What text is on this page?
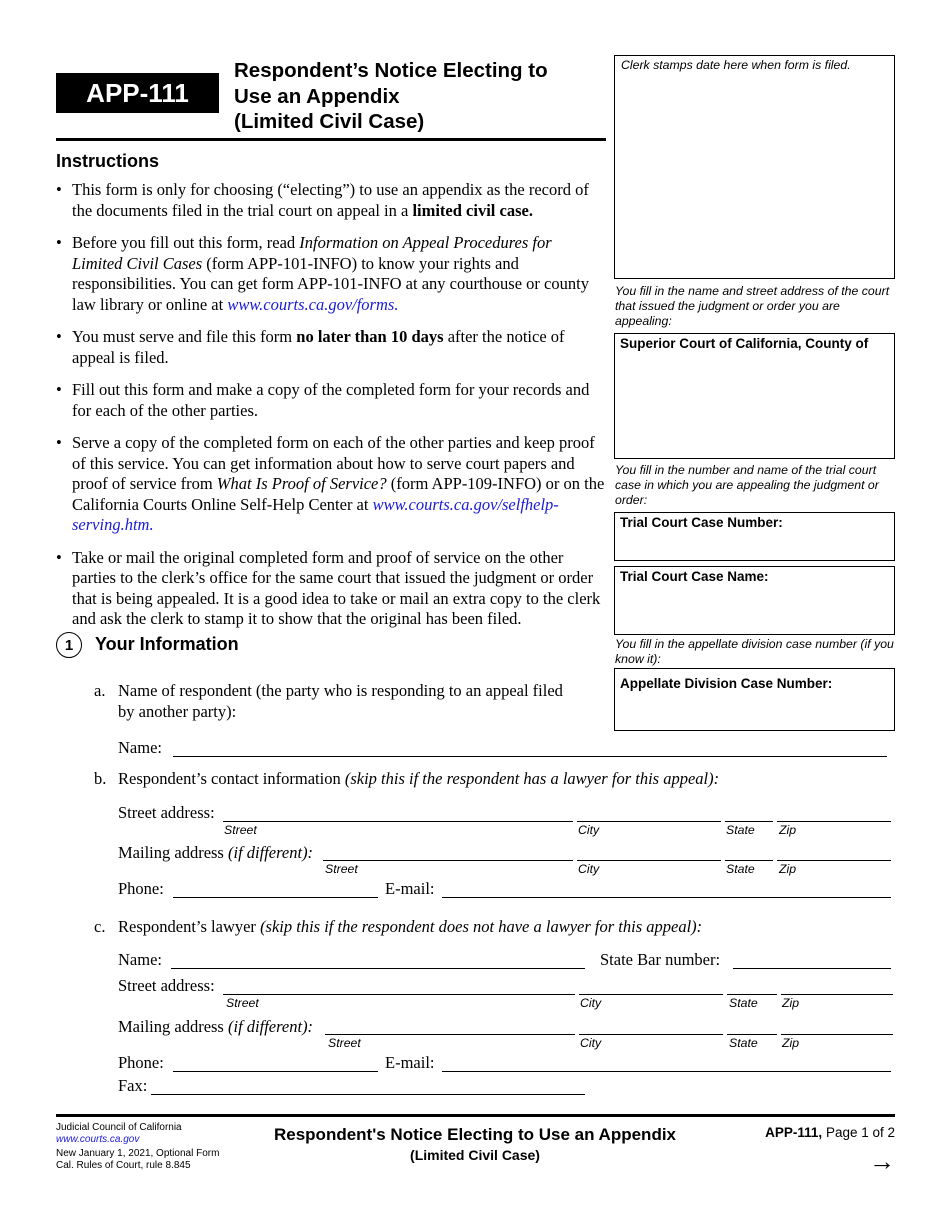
APP-111
Respondent’s Notice Electing to
Use an Appendix
(Limited Civil Case)
Clerk stamps date here when form is filed.
You fill in the name and street address of the court that issued the judgment or order you are appealing:
Superior Court of California, County of
You fill in the number and name of the trial court case in which you are appealing the judgment or order:
Trial Court Case Number:
Trial Court Case Name:
You fill in the appellate division case number (if you know it):
Appellate Division Case Number:
Instructions
• This form is only for choosing (“electing”) to use an appendix as the record of the documents filed in the trial court on appeal in a limited civil case.
• Before you fill out this form, read Information on Appeal Procedures for Limited Civil Cases (form APP-101-INFO) to know your rights and responsibilities. You can get form APP-101-INFO at any courthouse or county law library or online at www.courts.ca.gov/forms.
• You must serve and file this form no later than 10 days after the notice of appeal is filed.
• Fill out this form and make a copy of the completed form for your records and for each of the other parties.
• Serve a copy of the completed form on each of the other parties and keep proof of this service. You can get information about how to serve court papers and proof of service from What Is Proof of Service? (form APP-109-INFO) or on the California Courts Online Self-Help Center at www.courts.ca.gov/selfhelp-serving.htm.
• Take or mail the original completed form and proof of service on the other parties to the clerk’s office for the same court that issued the judgment or order that is being appealed. It is a good idea to take or mail an extra copy to the clerk and ask the clerk to stamp it to show that the original has been filed.
1	Your Information
a. Name of respondent (the party who is responding to an appeal filed
by another party):
Name:
b. Respondent’s contact information (skip this if the respondent has a lawyer for this appeal):
Street address:
Street	City	State Zip
Mailing address (if different):
Street	City	State Zip
Phone:	E-mail:
c. Respondent’s lawyer (skip this if the respondent does not have a lawyer for this appeal):
Name:	State Bar number:
Street address:
Street	City	State Zip
Mailing address (if different):
Street	City	State Zip
Phone:	E-mail:
Fax:
Judicial Council of California
www.courts.ca.gov
New January 1, 2021, Optional Form
Cal. Rules of Court, rule 8.845
Respondent's Notice Electing to Use an Appendix
(Limited Civil Case)
APP-111, Page 1 of 2
→
